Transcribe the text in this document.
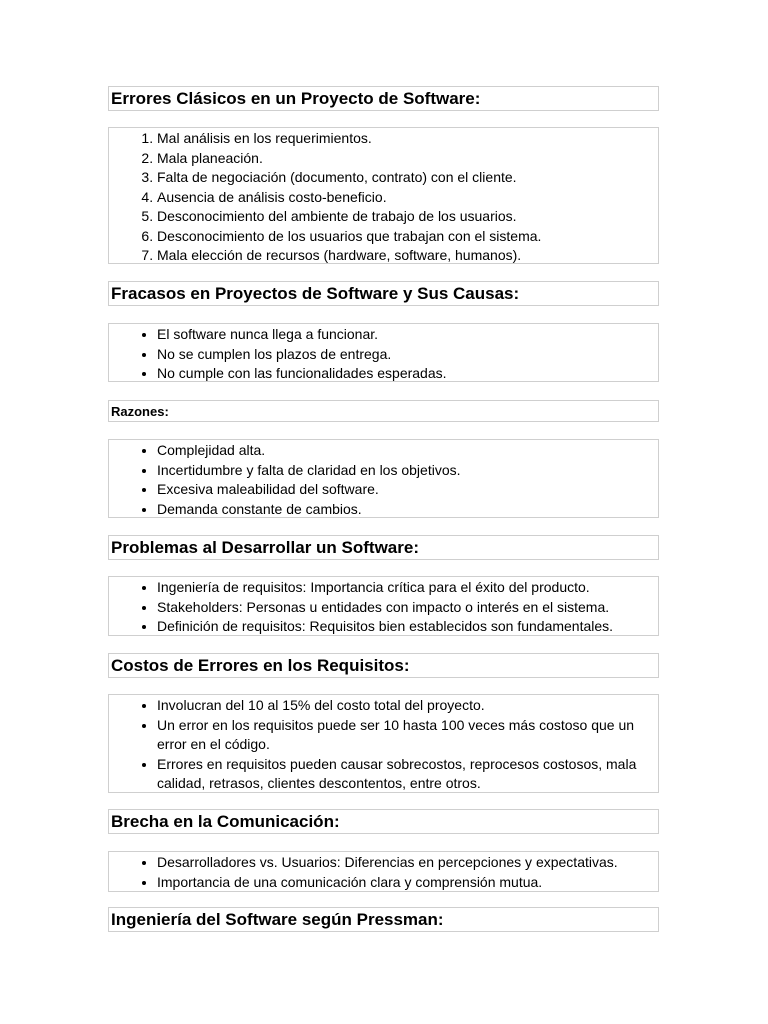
Errores Clásicos en un Proyecto de Software:
1. Mal análisis en los requerimientos.
2. Mala planeación.
3. Falta de negociación (documento, contrato) con el cliente.
4. Ausencia de análisis costo-beneficio.
5. Desconocimiento del ambiente de trabajo de los usuarios.
6. Desconocimiento de los usuarios que trabajan con el sistema.
7. Mala elección de recursos (hardware, software, humanos).
Fracasos en Proyectos de Software y Sus Causas:
• El software nunca llega a funcionar.
• No se cumplen los plazos de entrega.
• No cumple con las funcionalidades esperadas.
Razones:
• Complejidad alta.
• Incertidumbre y falta de claridad en los objetivos.
• Excesiva maleabilidad del software.
• Demanda constante de cambios.
Problemas al Desarrollar un Software:
• Ingeniería de requisitos: Importancia crítica para el éxito del producto.
• Stakeholders: Personas u entidades con impacto o interés en el sistema.
• Definición de requisitos: Requisitos bien establecidos son fundamentales.
Costos de Errores en los Requisitos:
• Involucran del 10 al 15% del costo total del proyecto.
• Un error en los requisitos puede ser 10 hasta 100 veces más costoso que un error en el código.
• Errores en requisitos pueden causar sobrecostos, reprocesos costosos, mala calidad, retrasos, clientes descontentos, entre otros.
Brecha en la Comunicación:
• Desarrolladores vs. Usuarios: Diferencias en percepciones y expectativas.
• Importancia de una comunicación clara y comprensión mutua.
Ingeniería del Software según Pressman:
